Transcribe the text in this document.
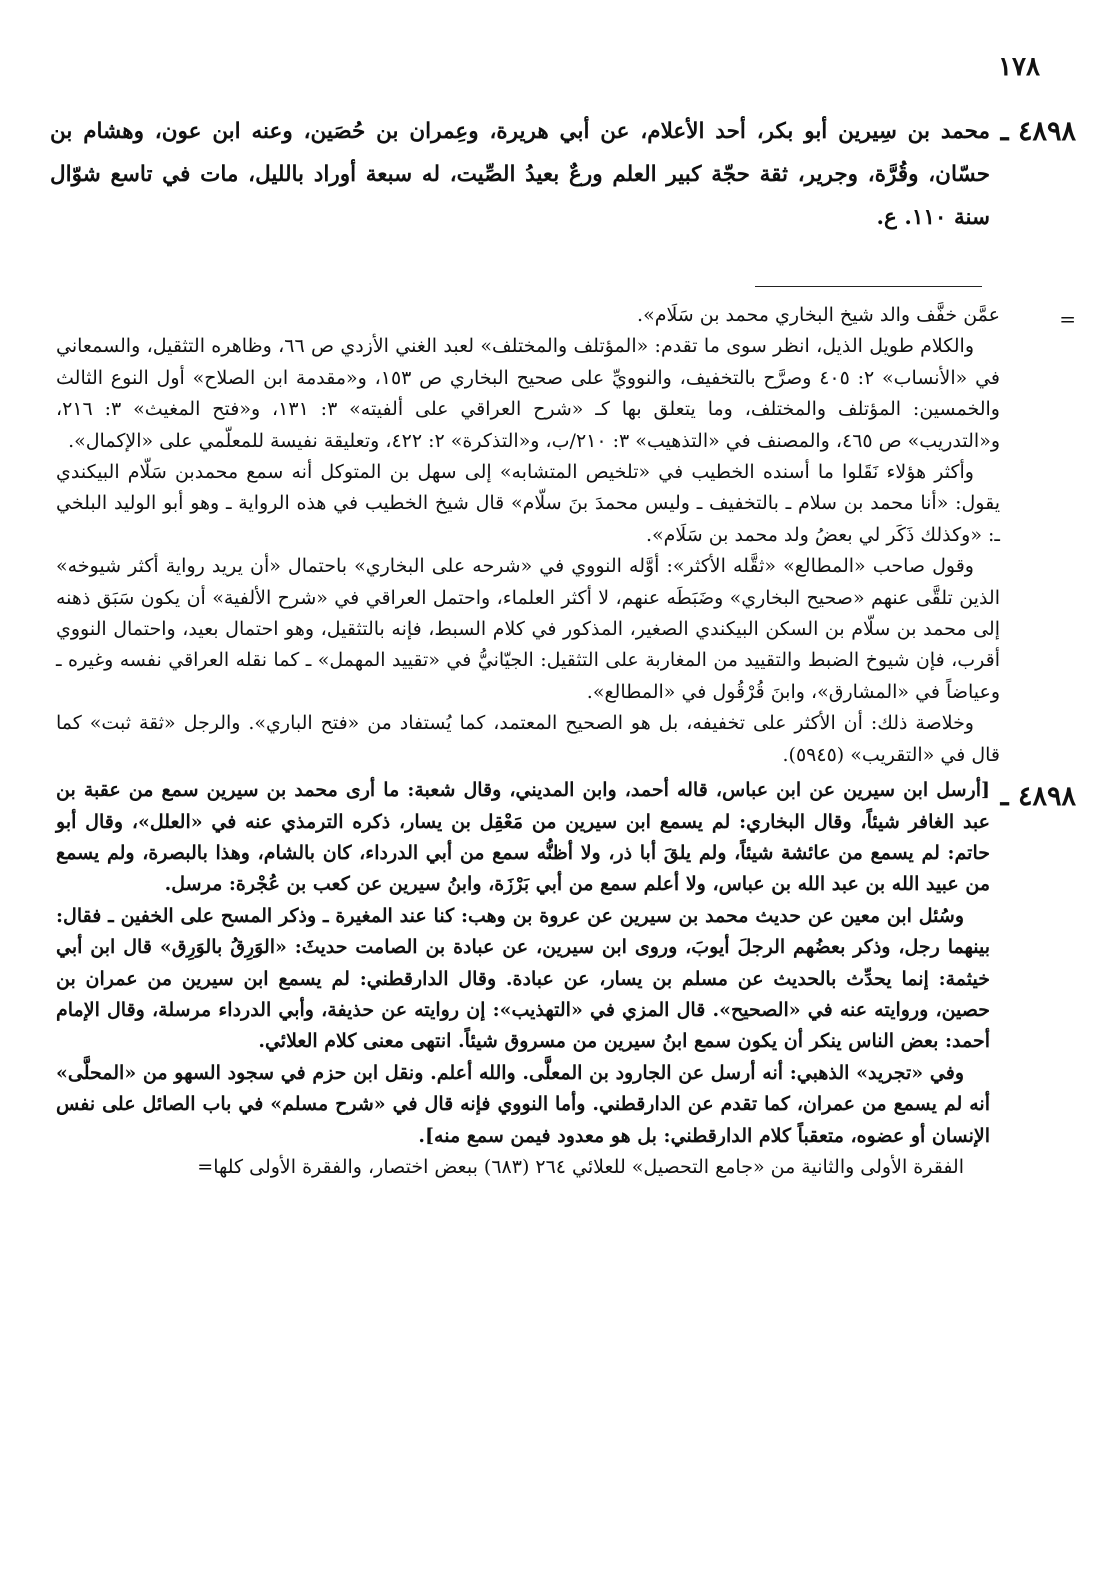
١٧٨
٤٨٩٨ ـ
محمد بن سِيرين أبو بكر، أحد الأعلام، عن أبي هريرة، وعِمران بن حُصَين، وعنه ابن عون، وهشام بن حسّان، وقُرَّة، وجرير، ثقة حجّة كبير العلم ورعٌ بعيدُ الصِّيت، له سبعة أوراد بالليل، مات في تاسع شوّال سنة ١١٠. ع.
=

عمَّن خفَّف والد شيخ البخاري محمد بن سَلَام».

والكلام طويل الذيل، انظر سوى ما تقدم: «المؤتلف والمختلف» لعبد الغني الأزدي ص ٦٦، وظاهره التثقيل، والسمعاني في «الأنساب» ٢: ٤٠٥ وصرَّح بالتخفيف، والنوويِّ على صحيح البخاري ص ١٥٣، و«مقدمة ابن الصلاح» أول النوع الثالث والخمسين: المؤتلف والمختلف، وما يتعلق بها كـ «شرح العراقي على ألفيته» ٣: ١٣١، و«فتح المغيث» ٣: ٢١٦، و«التدريب» ص ٤٦٥، والمصنف في «التذهيب» ٣: ٢١٠/ب، و«التذكرة» ٢: ٤٢٢، وتعليقة نفيسة للمعلّمي على «الإكمال».

وأكثر هؤلاء نَقَلوا ما أسنده الخطيب في «تلخيص المتشابه» إلى سهل بن المتوكل أنه سمع محمدبن سَلّام البيكندي يقول: «أنا محمد بن سلام ـ بالتخفيف ـ وليس محمدَ بنَ سلّام» قال شيخ الخطيب في هذه الرواية ـ وهو أبو الوليد البلخي ـ: «وكذلك ذَكَر لي بعضُ ولد محمد بن سَلَام».

وقول صاحب «المطالع» «ثقَّله الأكثر»: أوَّله النووي في «شرحه على البخاري» باحتمال «أن يريد رواية أكثر شيوخه» الذين تلقَّى عنهم «صحيح البخاري» وضَبَطَه عنهم، لا أكثر العلماء، واحتمل العراقي في «شرح الألفية» أن يكون سَبَق ذهنه إلى محمد بن سلّام بن السكن البيكندي الصغير، المذكور في كلام السبط، فإنه بالتثقيل، وهو احتمال بعيد، واحتمال النووي أقرب، فإن شيوخ الضبط والتقييد من المغاربة على التثقيل: الجيّانيُّ في «تقييد المهمل» ـ كما نقله العراقي نفسه وغيره ـ وعياضاً في «المشارق»، وابنَ قُرْقُول في «المطالع».

وخلاصة ذلك: أن الأكثر على تخفيفه، بل هو الصحيح المعتمد، كما يُستفاد من «فتح الباري». والرجل «ثقة ثبت» كما قال في «التقريب» (٥٩٤٥).

٤٨٩٨ ـ

[أرسل ابن سيرين عن ابن عباس، قاله أحمد، وابن المديني، وقال شعبة: ما أرى محمد بن سيرين سمع من عقبة بن عبد الغافر شيئاً، وقال البخاري: لم يسمع ابن سيرين من مَعْقِل بن يسار، ذكره الترمذي عنه في «العلل»، وقال أبو حاتم: لم يسمع من عائشة شيئاً، ولم يلقَ أبا ذر، ولا أظنُّه سمع من أبي الدرداء، كان بالشام، وهذا بالبصرة، ولم يسمع من عبيد الله بن عبد الله بن عباس، ولا أعلم سمع من أبي بَرْزَة، وابنُ سيرين عن كعب بن عُجْرة: مرسل.

وسُئل ابن معين عن حديث محمد بن سيرين عن عروة بن وهب: كنا عند المغيرة ـ وذكر المسح على الخفين ـ فقال: بينهما رجل، وذكر بعضُهم الرجلَ أيوبَ، وروى ابن سيرين، عن عبادة بن الصامت حديثَ: «الوَرِقُ بالوَرِق» قال ابن أبي خيثمة: إنما يحدِّث بالحديث عن مسلم بن يسار، عن عبادة. وقال الدارقطني: لم يسمع ابن سيرين من عمران بن حصين، وروايته عنه في «الصحيح». قال المزي في «التهذيب»: إن روايته عن حذيفة، وأبي الدرداء مرسلة، وقال الإمام أحمد: بعض الناس ينكر أن يكون سمع ابنُ سيرين من مسروق شيئاً. انتهى معنى كلام العلائي.

وفي «تجريد» الذهبي: أنه أرسل عن الجارود بن المعلَّى. والله أعلم. ونقل ابن حزم في سجود السهو من «المحلَّى» أنه لم يسمع من عمران، كما تقدم عن الدارقطني. وأما النووي فإنه قال في «شرح مسلم» في باب الصائل على نفس الإنسان أو عضوه، متعقباً كلام الدارقطني: بل هو معدود فيمن سمع منه].

الفقرة الأولى والثانية من «جامع التحصيل» للعلائي ٢٦٤ (٦٨٣) ببعض اختصار، والفقرة الأولى كلها=
